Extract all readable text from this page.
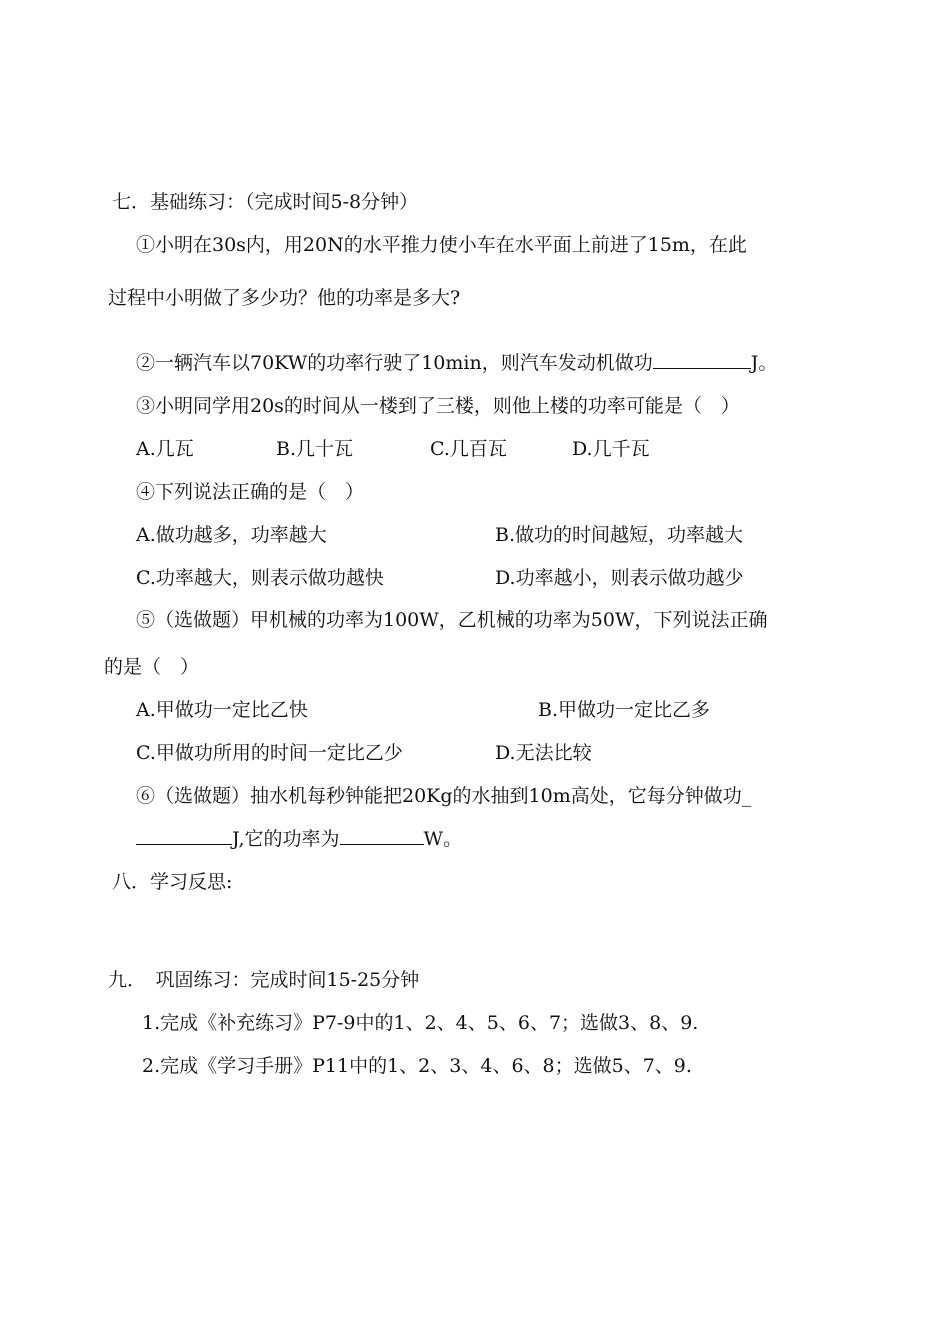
七．基础练习：（完成时间5-8分钟）
①小明在30s内，用20N的水平推力使小车在水平面上前进了15m，在此
过程中小明做了多少功？他的功率是多大?
②一辆汽车以70KW的功率行驶了10min，则汽车发动机做功	J。
③小明同学用20s的时间从一楼到了三楼，则他上楼的功率可能是（　）
A.几瓦	B.几十瓦	C.几百瓦	D.几千瓦
④下列说法正确的是（　）
A.做功越多，功率越大	B.做功的时间越短，功率越大
C.功率越大，则表示做功越快	D.功率越小，则表示做功越少
⑤（选做题）甲机械的功率为100W，乙机械的功率为50W，下列说法正确
的是（　）
A.甲做功一定比乙快	B.甲做功一定比乙多
C.甲做功所用的时间一定比乙少	D.无法比较
⑥（选做题）抽水机每秒钟能把20Kg的水抽到10m高处，它每分钟做功_
J,它的功率为	W。
八．学习反思:
九．　巩固练习：完成时间15-25分钟
1.完成《补充练习》P7-9中的1、2、4、5、6、7；选做3、8、9.
2.完成《学习手册》P11中的1、2、3、4、6、8；选做5、7、9.
